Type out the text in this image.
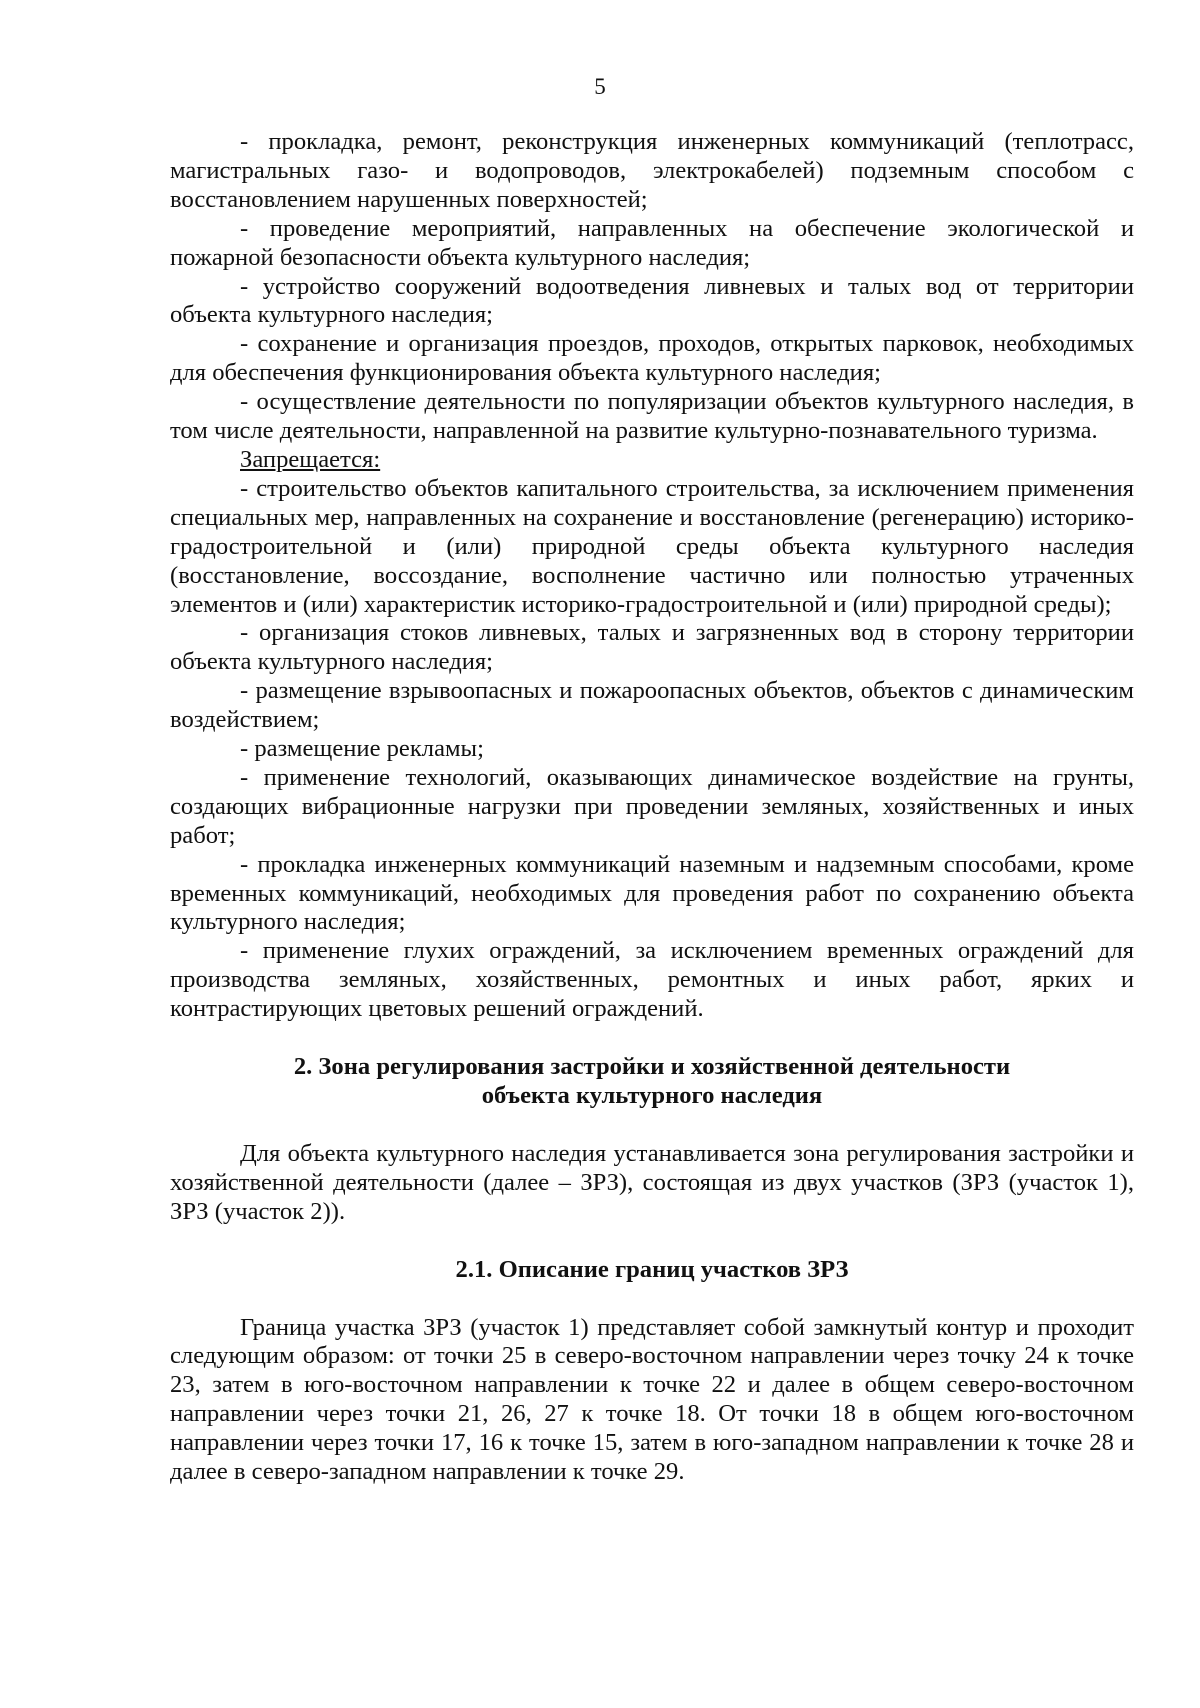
5

- прокладка, ремонт, реконструкция инженерных коммуникаций (теплотрасс, магистральных газо- и водопроводов, электрокабелей) подземным способом с восстановлением нарушенных поверхностей;

- проведение мероприятий, направленных на обеспечение экологической и пожарной безопасности объекта культурного наследия;

- устройство сооружений водоотведения ливневых и талых вод от территории объекта культурного наследия;

- сохранение и организация проездов, проходов, открытых парковок, необходимых для обеспечения функционирования объекта культурного наследия;

- осуществление деятельности по популяризации объектов культурного наследия, в том числе деятельности, направленной на развитие культурно-познавательного туризма.

Запрещается:

- строительство объектов капитального строительства, за исключением применения специальных мер, направленных на сохранение и восстановление (регенерацию) историко-градостроительной и (или) природной среды объекта культурного наследия (восстановление, воссоздание, восполнение частично или полностью утраченных элементов и (или) характеристик историко-градостроительной и (или) природной среды);

- организация стоков ливневых, талых и загрязненных вод в сторону территории объекта культурного наследия;

- размещение взрывоопасных и пожароопасных объектов, объектов с динамическим воздействием;

- размещение рекламы;

- применение технологий, оказывающих динамическое воздействие на грунты, создающих вибрационные нагрузки при проведении земляных, хозяйственных и иных работ;

- прокладка инженерных коммуникаций наземным и надземным способами, кроме временных коммуникаций, необходимых для проведения работ по сохранению объекта культурного наследия;

- применение глухих ограждений, за исключением временных ограждений для производства земляных, хозяйственных, ремонтных и иных работ, ярких и контрастирующих цветовых решений ограждений.

2. Зона регулирования застройки и хозяйственной деятельности

объекта культурного наследия

Для объекта культурного наследия устанавливается зона регулирования застройки и хозяйственной деятельности (далее – ЗРЗ), состоящая из двух участков (ЗРЗ (участок 1), ЗРЗ (участок 2)).

2.1. Описание границ участков ЗРЗ

Граница участка ЗРЗ (участок 1) представляет собой замкнутый контур и проходит следующим образом: от точки 25 в северо-восточном направлении через точку 24 к точке 23, затем в юго-восточном направлении к точке 22 и далее в общем северо-восточном направлении через точки 21, 26, 27 к точке 18. От точки 18 в общем юго-восточном направлении через точки 17, 16 к точке 15, затем в юго-западном направлении к точке 28 и далее в северо-западном направлении к точке 29.
